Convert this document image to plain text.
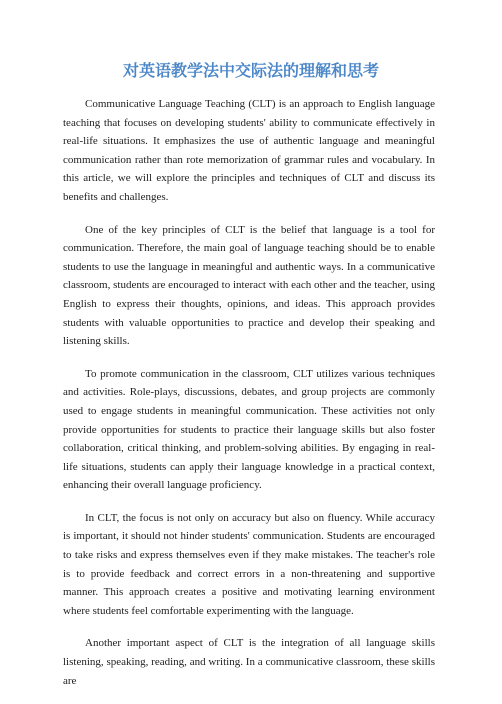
对英语教学法中交际法的理解和思考

Communicative Language Teaching (CLT) is an approach to English language teaching that focuses on developing students' ability to communicate effectively in real-life situations. It emphasizes the use of authentic language and meaningful communication rather than rote memorization of grammar rules and vocabulary. In this article, we will explore the principles and techniques of CLT and discuss its benefits and challenges.

One of the key principles of CLT is the belief that language is a tool for communication. Therefore, the main goal of language teaching should be to enable students to use the language in meaningful and authentic ways. In a communicative classroom, students are encouraged to interact with each other and the teacher, using English to express their thoughts, opinions, and ideas. This approach provides students with valuable opportunities to practice and develop their speaking and listening skills.

To promote communication in the classroom, CLT utilizes various techniques and activities. Role-plays, discussions, debates, and group projects are commonly used to engage students in meaningful communication. These activities not only provide opportunities for students to practice their language skills but also foster collaboration, critical thinking, and problem-solving abilities. By engaging in real-life situations, students can apply their language knowledge in a practical context, enhancing their overall language proficiency.

In CLT, the focus is not only on accuracy but also on fluency. While accuracy is important, it should not hinder students' communication. Students are encouraged to take risks and express themselves even if they make mistakes. The teacher's role is to provide feedback and correct errors in a non-threatening and supportive manner. This approach creates a positive and motivating learning environment where students feel comfortable experimenting with the language.

Another important aspect of CLT is the integration of all language skills listening, speaking, reading, and writing. In a communicative classroom, these skills are
